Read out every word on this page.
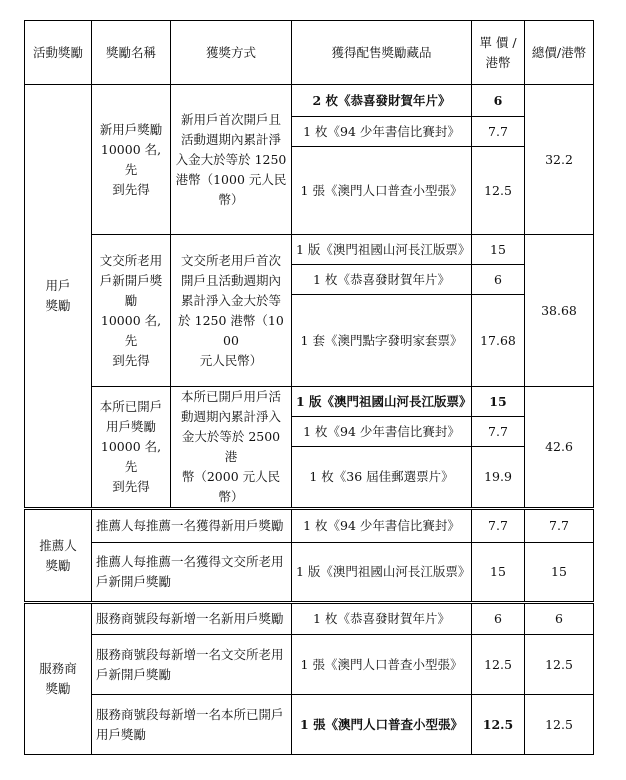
活動獎勵	獎勵名稱	獲獎方式	獲得配售獎勵藏品	單 價 / 港幣	總價/港幣
用戶
獎勵	新用戶獎勵
10000 名,先
到先得	新用戶首次開戶且
活動週期內累計淨
入金大於等於 1250
港幣（1000 元人民
幣）	2 枚《恭喜發財賀年片》	6	32.2
			1 枚《94 少年書信比賽封》	7.7	
			1 張《澳門人口普查小型張》	12.5	
	文交所老用
戶新開戶獎
勵
10000 名,先
到先得	文交所老用戶首次
開戶且活動週期內
累計淨入金大於等
於 1250 港幣（1000
元人民幣）	1 版《澳門祖國山河長江版票》	15	38.68
			1 枚《恭喜發財賀年片》	6	
			1 套《澳門點字發明家套票》	17.68	
	本所已開戶
用戶獎勵
10000 名,先
到先得	本所已開戶用戶活
動週期內累計淨入
金大於等於 2500 港
幣（2000 元人民幣）	1 版《澳門祖國山河長江版票》	15	42.6
			1 枚《94 少年書信比賽封》	7.7	
			1 枚《36 屆佳郵選票片》	19.9	
推薦人
獎勵	推薦人每推薦一名獲得新用戶獎勵		1 枚《94 少年書信比賽封》	7.7	7.7
	推薦人每推薦一名獲得文交所老用
戶新開戶獎勵		1 版《澳門祖國山河長江版票》	15	15
服務商
獎勵	服務商號段每新增一名新用戶獎勵		1 枚《恭喜發財賀年片》	6	6
	服務商號段每新增一名文交所老用
戶新開戶獎勵		1 張《澳門人口普查小型張》	12.5	12.5
	服務商號段每新增一名本所已開戶
用戶獎勵		1 張《澳門人口普查小型張》	12.5	12.5
